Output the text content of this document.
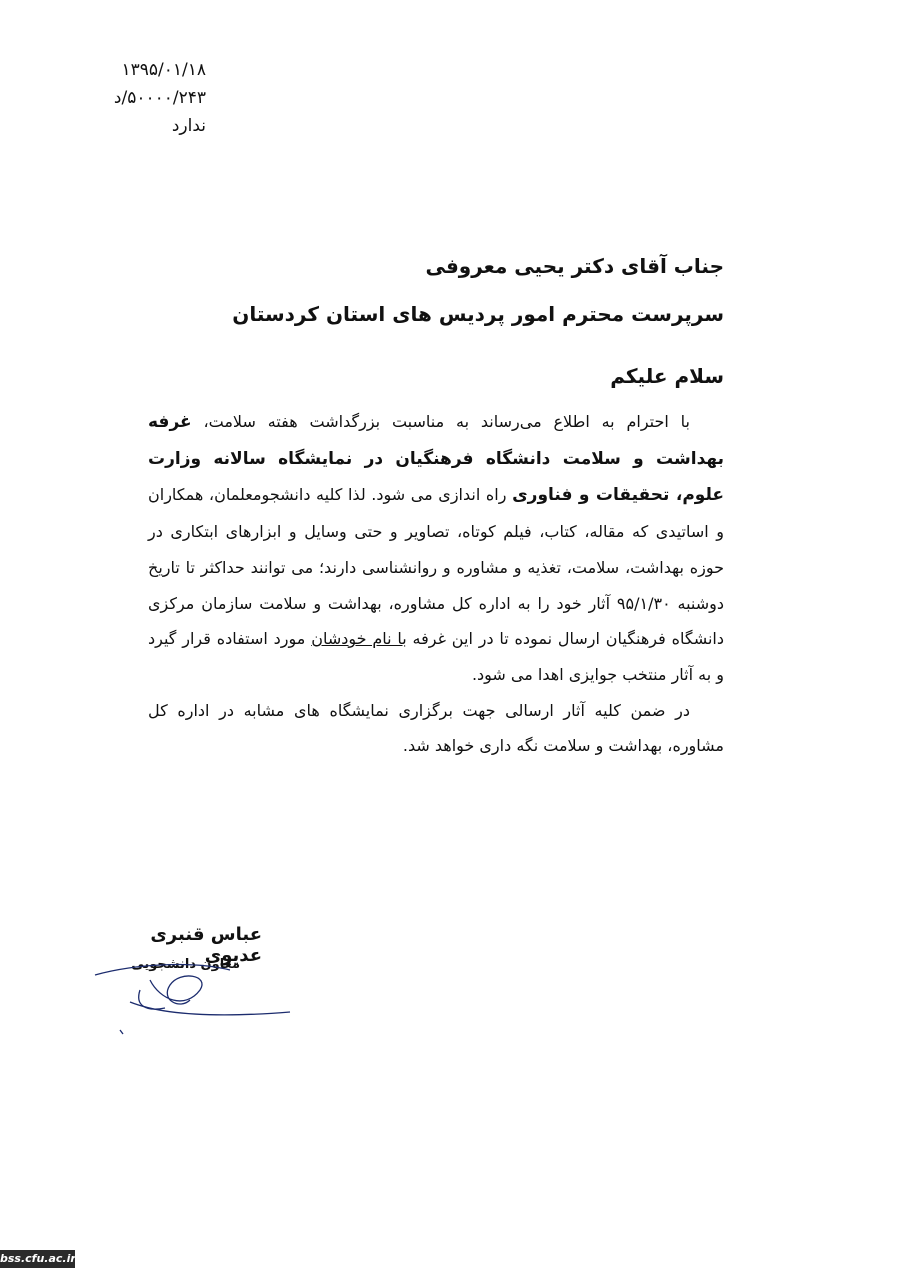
۱۳۹۵/۰۱/۱۸
۵۰۰۰۰/۲۴۳/د
ندارد
جناب آقای دکتر یحیی معروفی
سرپرست محترم امور پردیس های استان کردستان
سلام علیکم

با احترام به اطلاع می‌رساند به مناسبت بزرگداشت هفته سلامت، غرفه بهداشت و سلامت دانشگاه فرهنگیان در نمایشگاه سالانه وزارت علوم، تحقیقات و فناوری راه اندازی می شود. لذا کلیه دانشجومعلمان، همکاران و اساتیدی که مقاله، کتاب، فیلم کوتاه، تصاویر و حتی وسایل و ابزارهای ابتکاری در حوزه بهداشت، سلامت، تغذیه و مشاوره و روانشناسی دارند؛ می توانند حداکثر تا تاریخ دوشنبه ۹۵/۱/۳۰ آثار خود را به اداره کل مشاوره، بهداشت و سلامت سازمان مرکزی دانشگاه فرهنگیان ارسال نموده تا در این غرفه با نام خودشان مورد استفاده قرار گیرد و به آثار منتخب جوایزی اهدا می شود.

در ضمن کلیه آثار ارسالی جهت برگزاری نمایشگاه های مشابه در اداره کل مشاوره، بهداشت و سلامت نگه داری خواهد شد.

عباس قنبری عدیوی
معاون دانشجویی
bss.cfu.ac.ir
